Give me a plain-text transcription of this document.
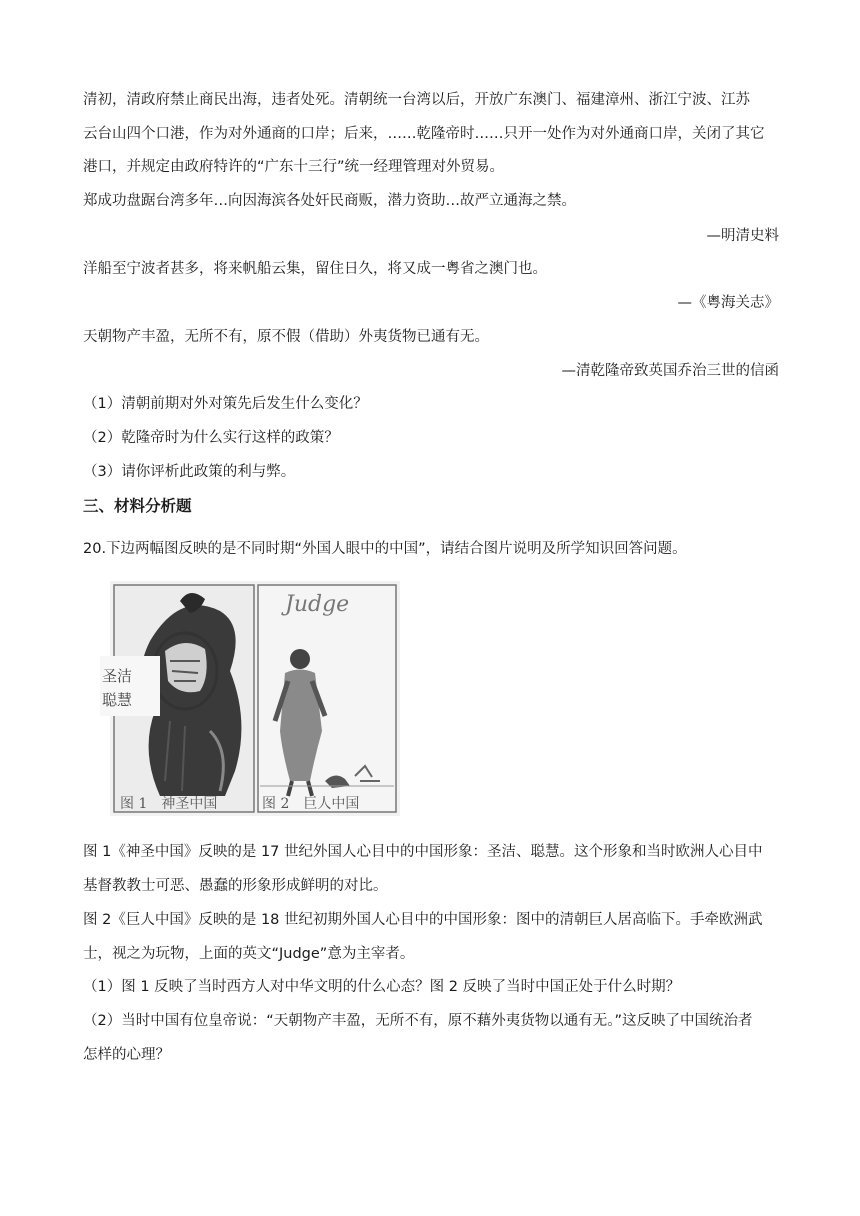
清初，清政府禁止商民出海，违者处死。清朝统一台湾以后，开放广东澳门、福建漳州、浙江宁波、江苏
云台山四个口港，作为对外通商的口岸；后来，……乾隆帝时……只开一处作为对外通商口岸，关闭了其它
港口，并规定由政府特许的“广东十三行”统一经理管理对外贸易。
郑成功盘踞台湾多年…向因海滨各处奸民商贩，潜力资助…故严立通海之禁。
—明清史料
洋船至宁波者甚多，将来帆船云集，留住日久，将又成一粤省之澳门也。
—《粤海关志》
天朝物产丰盈，无所不有，原不假（借助）外夷货物已通有无。
—清乾隆帝致英国乔治三世的信函
（1）清朝前期对外对策先后发生什么变化？
（2）乾隆帝时为什么实行这样的政策？
（3）请你评析此政策的利与弊。
三、材料分析题
20.下边两幅图反映的是不同时期“外国人眼中的中国”，请结合图片说明及所学知识回答问题。
圣洁
聪慧
图 1　神圣中国
Judge
图 2　巨人中国
图 1《神圣中国》反映的是 17 世纪外国人心目中的中国形象：圣洁、聪慧。这个形象和当时欧洲人心目中
基督教教士可恶、愚蠢的形象形成鲜明的对比。
图 2《巨人中国》反映的是 18 世纪初期外国人心目中的中国形象：图中的清朝巨人居高临下。手牵欧洲武
士，视之为玩物，上面的英文“Judge”意为主宰者。
（1）图 1 反映了当时西方人对中华文明的什么心态？图 2 反映了当时中国正处于什么时期？
（2）当时中国有位皇帝说：“天朝物产丰盈，无所不有，原不藉外夷货物以通有无。”这反映了中国统治者
怎样的心理？
